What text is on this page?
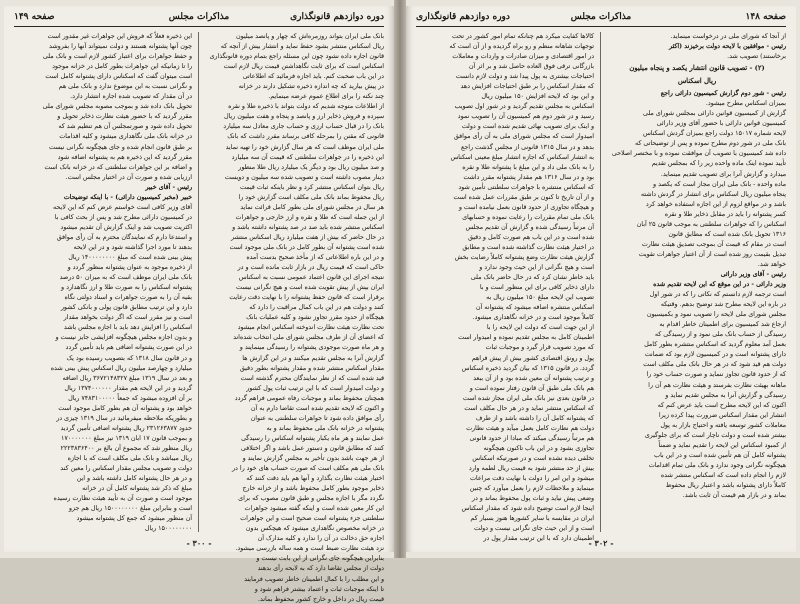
دوره دوازدهم قانونگذاری
مذاکرات مجلس
صفحه ۱۴۹

بانک ملی ایران بتواند روزمره‌اش که چهار و پانصد میلیون

ریال اسکناس منتشر بشود حفظ نماید و انتشار بیش از آنچه که

قانون اجازه داده نشود چون این مسئله راجع بتمام دوره قانونگذاری

اسکناس است که برای ثابت نگاهداشتن قیمت ریال لازم است

در این باب صحبت کنم. باید اجازه فرمائید که اطلاعاتی

در پیش بیارید که چه اندازه ذخیره تشکیل دارند در خزانه

چند نکته را برای اطلاع عموم عرضه مینمایم.

از اطلاعات متوجه شدیم که دولت بتواند با ذخیره طلا و نقره

سپرده و فروش ذخایر ارز و پانصد و پنجاه و هفت میلیون ریال

بانک را در قبال حساب ارزی و حساب جاری معادل سه میلیارد

قانونی که مقنن را بمرحله کافی برساند مقرر داشت که بانک

ملی ایران موظف است که هر سال گزارش خود را تهیه نماید

این ذخیره را در جواهرات سلطنتی که قیمت آن سه میلیارد

و صد میلیون ریال بود و دیگر یک میلیارد ریال طلا منظور

دینار مصوب داشته است و تصویب شده سه میلیون و دویست

ریال بتوان اسکناس منتشر کرد و نظر باینکه ثبات قیمت

ریال محفوظ بماند بانک ملی مکلف است گزارش خود را

هر سال در مجلس شورای ملی بطور کامل قرائت نماید

از این جمله است که طلا و نقره و ارز خارجی و جواهرات

اسکناس منتشر شده باید صد در صد پشتوانه داشته باشد و

در حال حاضر که بیش از هفت میلیارد ریال اسکناس منتشر

شده است پشتوانه آن بطور کامل در بانک ملی موجود است

و در این باره اطلاعاتی که از مأخذ صحیح بدست آمده

حاکی است که قیمت ریال در بازار ثابت مانده است و در

نتیجه اجرای این قانون اعتماد عمومی نسبت به اسکناس

ایران بیش از پیش تقویت شده است و هیچ نگرانی نیست

برقرار است که قانون حفظ پشتوانه را با نهایت دقت رعایت

کنند و دولت هم در این باب کمال مراقبت را دارد که

هیچگاه از حدود مقرر تجاوز نشود و کلیه عملیات بانک

تحت نظارت هیئت نظارت اندوخته اسکناس انجام میشود

که اعضای آن از طرف مجلس شورای ملی انتخاب شده‌اند

و هر ماه صورت موجودی پشتوانه را رسیدگی مینمایند و

گزارش آنرا به مجلس تقدیم میکنند و در این گزارش ها

مقدار اسکناس منتشر شده و مقدار پشتوانه بطور دقیق

قید شده است که از نظر نمایندگان محترم گذشته است

و دولت امیدوار است که با این ترتیب ثبات پول کشور

همچنان محفوظ بماند و موجبات رفاه عمومی فراهم گردد

و اکنون که لایحه تقدیم شده است تقاضا دارم به آن

رأی موافق داده شود تا جواهرات سلطنتی به عنوان

پشتوانه در خزانه بانک ملی محفوظ بماند و به

عمل نمایند و هر ماه یکبار پشتوانه اسکناس را رسیدگی

کنند که مطابق قانون و دستور عمل باشد و اگر اختلافی

از هر جهت باشد بدون تأخیر به مجلس گزارش نمایند و

بانک ملی هم مکلف است که صورت حساب های خود را در

اختیار هیئت نظارت بگذارد و آنها هم باید دقت کنند که

ذخایر موجود بطور کامل محفوظ باشد و از خزانه خارج

نگردد مگر با اجازه مجلس و طبق قانون مصوب که برای

این کار معین شده است و اینکه گفته میشود جواهرات

سلطنتی جزء پشتوانه است صحیح است و این جواهرات

در خزانه مخصوص نگاهداری میشود که هیچکس بدون

اجازه حق دخالت در آن را ندارد و کلیه مدارک آن

نزد هیئت نظارت ضبط است و همه ساله بازرسی میشود.

بنابراین هیچگونه جای نگرانی از این بابت نیست و

دولت از مجلس تقاضا دارد که به لایحه رأی بدهند

و این مطلب را با کمال اطمینان خاطر تصویب فرمایند

تا اینکه موجبات ثبات و اعتماد بیشتر فراهم شود و

قیمت ریال در داخل و خارج کشور محفوظ بماند.

این ذخیره فعلاً که فروش این جواهرات غیر مقدور است

چون آنها پشتوانه هستند و دولت نمیتواند آنها را بفروشد

و حفظ جواهرات برای اعتبار کشور لازم است و بانک ملی

را تا زمانیکه این جواهرات بطور کامل در خزانه موجود

است میتوان گفت که اسکناس دارای پشتوانه کامل است

و نگرانی نسبت به این موضوع ندارد و بانک ملی هم

در آن مقدار که تصویب شده اجازه انتشار دارد.

تحویل بانک داده شد و بموجب مصوبه مجلس شورای ملی

مقرر گردید که با حضور هیئت نظارت ذخایر تحویل و

تحویل داده شود و صورتمجلس آن هم تنظیم شد که

در خزانه بانک ملی نگاهداری میشود و کلیه اقدامات

بر طبق قانون انجام شده و جای هیچگونه نگرانی نیست

مقرر گردید که این ذخیره هم به پشتوانه اضافه شود

و اضافه بر این جواهرات سلطنتی که در خزانه بانک است

ارزیابی شده و صورت آن در اختیار مجلس است.

رئیس - آقای خبیر

خبیر (مخبر کمیسیون دارائی) - با اینکه توضیحات

آقای وزیر کافی است خواستم عرض کنم که این لایحه

در کمیسیون دارائی مطرح شد و پس از بحث کافی با

اکثریت تصویب شد و اینک گزارش آن تقدیم میشود

و استدعا دارم که نمایندگان محترم به آن رأی موافق

بدهند تا مورد اجرا گذاشته شود و در این لایحه

پیش بینی شده است که مبلغ ۱۴۰۰۰۰۰۰۰۰ ریال

از ذخیره موجود به عنوان پشتوانه منظور گردد و

بانک ملی ایران موظف است که به میزان ۵۰ درصد

پشتوانه اسکناس را به صورت طلا و ارز نگاهدارد و

بقیه آن را به صورت جواهرات و اسناد دولتی نگاه

دارد و این ترتیب مطابق قانون پولی و بانکی کشور

است و نیز مقرر است که اگر دولت بخواهد مقدار

اسکناس را افزایش دهد باید با اجازه مجلس باشد

و بدون اجازه مجلس هیچگونه افزایشی جایز نیست و

در این صورت پشتوانه اضافی هم باید تأمین گردد

و در قانون سال ۱۳۱۸ که بتصویب رسیده بود یک

میلیارد و چهارصد میلیون ریال اسکناس پیش بینی شده

و بعد در سال ۱۳۱۹ مبلغ ۳۶۷۲۱۴۸۳۲۷ ریال اضافه

گردید و در این لایحه هم مقدار ۱۳۷۴۰۰۰۰۰۰ ریال

بر آن افزوده میشود که جمعاً ۷۴۸۳۱۰۰۰۰۰ ریال

خواهد بود و پشتوانه آن هم بطور کامل موجود است

و بطوریکه ملاحظه میفرمائید در سال ۱۳۱۹ چیزی در

حدود ۲۳۱۲۶۳۸۷۷ ریال پشتوانه اضافی تأمین گردید

و بموجب قانون ۱۷ ابان ۱۳۱۹ نیز مبلغ ۱۷۰۰۰۰۰۰۰

ریال منظور شد که مجموع آن بالغ بر ۲۲۲۳۸۳۶۴۰۰

ریال میباشد و بانک ملی مکلف است که با اجازه

دولت و تصویب مجلس مقدار اسکناس را معین کند

و در هر حال پشتوانه کامل داشته باشد و این

مبلغ که ذکر شد پشتوانه کامل آن در خزانه

موجود است و صورت آن به تأیید هیئت نظارت رسیده

است و بنابراین مبلغ ۱۵۰۰۰۰۰۰۰۰ ریال هم جزو

آن منظور میشود که جمع کل پشتوانه میشود

۱۵۰۰۰۰۰۰۰۰ ریال

- ۳۰۰ -
صفحه ۱۴۸
مذاکرات مجلس
دوره دوازدهم قانونگذاری

از آنجا که شورای ملی در درخواست مینماید.

رئیس - موافقین با لایحه دولت برخیزند (اکثر

برخاستند) تصویب شد.

(۲) - تصویب قانون انتشار یکصد و پنجاه میلیون

ریال اسکناس

رئیس - شور دوم گزارش کمیسیون دارائی راجع

بمیزان اسکناس مطرح میشود.

گزارش از کمیسیون قوانین دارائی بمجلس شورای ملی

کمیسیون قوانین دارائی با حضور آقای وزیر دارائی

لایحه شماره ۱۵۰۱۷ دولت راجع بمیزان گردش اسکناس

بانک ملی در شور دوم مطرح نموده و پس از توضیحاتی که

داده شد کمیسیون با تصویب آن موافقت نموده و با مختصر اصلاحی

تأیید نموده اینک ماده واحده زیر را که بمجلس تقدیم

میدارد و گزارش آنرا برای تصویب تقدیم مینماید.

ماده واحده - بانک ملی ایران مجاز است که یکصد و

پنجاه میلیون ریال اسکناس برای انتشار در گردش داشته

باشد و در مواقع لزوم از این اجازه استفاده خواهد کرد

کسر پشتوانه را باید در مقابل ذخایر طلا و نقره

اسکناس را که جواهرات سلطنتی به موجب قانون ۲۵ آبان

۱۳۱۶ تحویل بانک شده است که مطابق قانون

است در مقام که قیمت آن بموجب تصدیق هیئت نظارت

تبدیل بقیمت روز شده است از آن اعتبار جواهرات تقویت

خواهد شد.

رئیس - آقای وزیر دارائی

وزیر دارائی - در این موقع که این لایحه تقدیم شده

است ترجمه لازم دانستم که نکاتی را که در شور اول

در باره این لایحه مطرح شد توضیح بدهم. وقتیکه

مجلس شورای ملی لایحه را تصویب نمود و بکمیسیون

ارجاع شد کمیسیون برای اطمینان خاطر اقدام به

رسیدگی از حساب بانک ملی نمود و از رسیدگی که

بعمل آمد معلوم گردید که اسکناس منتشره بطور کامل

دارای پشتوانه است و در کمیسیون لازم بود که ضمانت

دولت هم قید شود که در هر حال بانک ملی مکلف است

که از حدود قانون تجاوز ننماید و صورت حساب خود را

ماهانه بهیئت نظارت بفرستد و هیئت نظارت هم آن را

رسیدگی و گزارش آنرا به مجلس تقدیم نماید و

اکنون که این لایحه مطرح است باید عرض کنم که

انتشار این مقدار اسکناس ضرورت پیدا کرده زیرا

معاملات کشور توسعه یافته و احتیاج بازار به پول

بیشتر شده است و دولت ناچار است که برای جلوگیری

از کمبود اسکناس این لایحه را تقدیم نماید و ضمناً

پشتوانه کامل آن هم تأمین شده است و در این باب

هیچگونه نگرانی وجود ندارد و بانک ملی تمام اقدامات

لازم را انجام داده است که اسکناس منتشر شده

کاملاً دارای پشتوانه باشد و اعتبار ریال محفوظ

بماند و در بازار هم قیمت آن ثابت باشد.

کالاها کفایت میکرد هم چنانکه تمام امور کشور در تحت

توجهات شاهانه منظم و رو براه گردیده و از آن است که

در امور اقتصادی و میزان صادرات و واردات و معاملات

بازرگانی ترقی فوق العاده حاصل شد و بر اثر آن

احتیاجات بیشتری به پول پیدا شد و دولت لازم دانست

که مقدار اسکناس را بر طبق احتیاجات افزایش دهد

و این بود که لایحه افزایش ۱۵۰ میلیون ریال

اسکناس به مجلس تقدیم گردید و در شور اول تصویب

رسید و در شور دوم هم کمیسیون آن را تصویب نمود

و اینک برای تصویب نهائی تقدیم شده است و دولت

امیدوار است که مجلس شورای ملی به آن رأی موافق

بدهد و در سال ۱۳۱۵ قانونی از مجلس گذشت راجع

به انتشار اسکناس که اجازه انتشار مبلغ معینی اسکناس

را به بانک ملی داد و این مبلغ با پشتوانه طلا و نقره

بود و در سال ۱۳۱۶ هم مقدار پشتوانه مقرر داشت

که اسکناس منتشره با جواهرات سلطنتی تأمین شود

و از آن تاریخ تا کنون بر طبق مقررات عمل شده است

و هیچگاه تجاوزی از حدود قانون بعمل نیامده است و

بانک ملی تمام مقررات را رعایت نموده و حسابهای

آن مرتباً رسیدگی شده و گزارش آن تقدیم مجلس

شده است و در این باب هم صورت کامل و دقیق

در اختیار هیئت نظارت گذاشته شده است و مطابق

گزارش هیئت نظارت وضع پشتوانه کاملاً رضایت بخش

است و هیچ نگرانی از این حیث وجود ندارد و

باید خاطر نشان کرد که در حال حاضر بانک ملی

دارای ذخایر کافی برای این منظور است و با

تصویب این لایحه مبلغ ۱۵۰ میلیون ریال به

اسکناس منتشره اضافه میشود که پشتوانه آن

کاملاً موجود است و در خزانه نگاهداری میشود.

از این جهت است که دولت این لایحه را با

اطمینان کامل به مجلس تقدیم نموده و امیدوار است

که مورد تصویب قرار گیرد و موجبات ثبات

پول و رونق اقتصادی کشور بیش از پیش فراهم

گردد. در قانون ۱۳۱۵ که بیان گردید ذخیره اسکناس

و ترتیب پشتوانه آن معین شده بود و از آن ببعد

هم بانک ملی طبق آن قانون رفتار نموده است و

در قانون بعدی نیز بانک ملی ایران مجاز شده است

که اسکناس منتشر نماید و در هر حال مکلف است

که پشتوانه کامل آن را داشته باشد و از طرف

دولت هم نظارت کامل بعمل میآید و هیئت نظارت

هم مرتباً رسیدگی میکند که مبادا از حدود قانونی

تجاوزی بشود و در این باب تاکنون هیچگونه

تخلفی دیده نشده است و در صورتیکه اسکناس

بیش از حد منتشر شود به قیمت ریال لطمه وارد

میشود و این امر را دولت با نهایت دقت مراعات

مینماید و ملاحظات لازم را بعمل میآورد که چنین

وضعی پیش نیاید و ثبات پول محفوظ بماند و در

اینجا لازم است توضیح داده شود که مقدار اسکناس

ایران در مقایسه با سایر کشورها هنوز بسیار کم

است و از این حیث جای نگرانی نیست و دولت

اطمینان دارد که با این ترتیب مقدار پول در

- ۳۰۲ -
